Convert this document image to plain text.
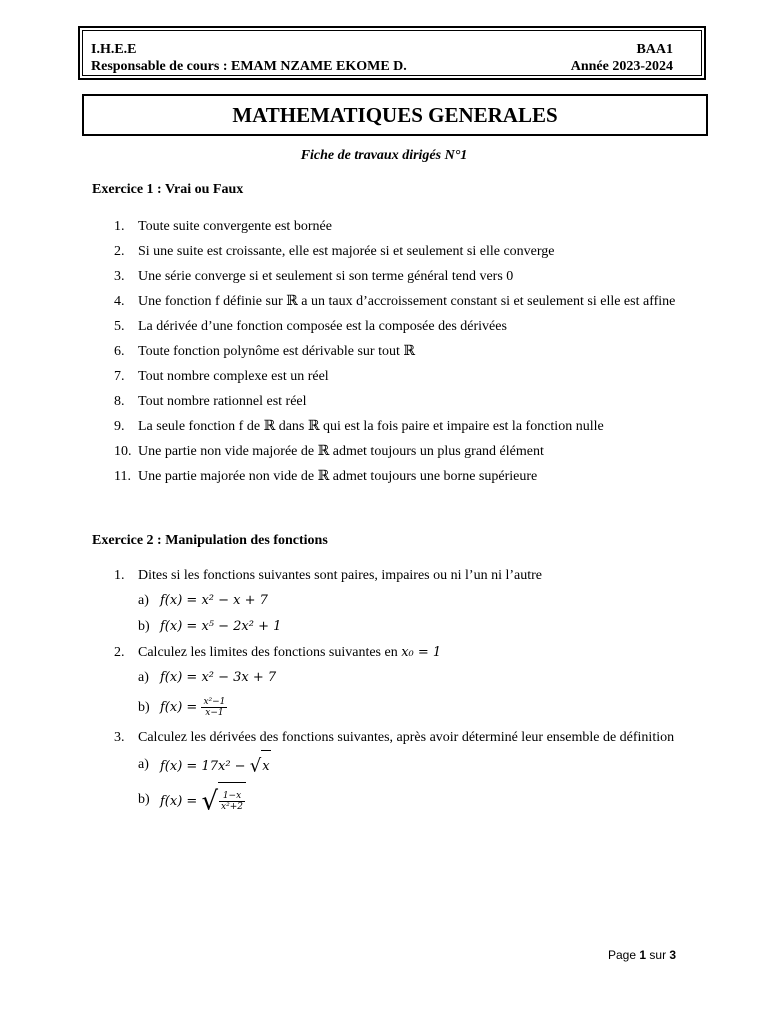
I.H.E.E	BAA1
Responsable de cours : EMAM NZAME EKOME D.	Année 2023-2024
MATHEMATIQUES GENERALES
Fiche de travaux dirigés N°1
Exercice 1 : Vrai ou Faux
1. Toute suite convergente est bornée
2. Si une suite est croissante, elle est majorée si et seulement si elle converge
3. Une série converge si et seulement si son terme général tend vers 0
4. Une fonction f définie sur ℝ a un taux d’accroissement constant si et seulement si elle est affine
5. La dérivée d’une fonction composée est la composée des dérivées
6. Toute fonction polynôme est dérivable sur tout ℝ
7. Tout nombre complexe est un réel
8. Tout nombre rationnel est réel
9. La seule fonction f de ℝ dans ℝ qui est la fois paire et impaire est la fonction nulle
10. Une partie non vide majorée de ℝ admet toujours un plus grand élément
11. Une partie majorée non vide de ℝ admet toujours une borne supérieure
Exercice 2 : Manipulation des fonctions
1. Dites si les fonctions suivantes sont paires, impaires ou ni l’un ni l’autre
a) f(x) = x² − x + 7
b) f(x) = x⁵ − 2x² + 1
2. Calculez les limites des fonctions suivantes en x₀ = 1
a) f(x) = x² − 3x + 7
b) $f(x) = \frac{\text{x²−1}}{x-1}$
3. Calculez les dérivées des fonctions suivantes, après avoir déterminé leur ensemble de définition
a) f(x) = 17x² − √x
b) f(x) = √ $\frac{1-x}{\text{x²+2}}$
Page 1 sur 3
